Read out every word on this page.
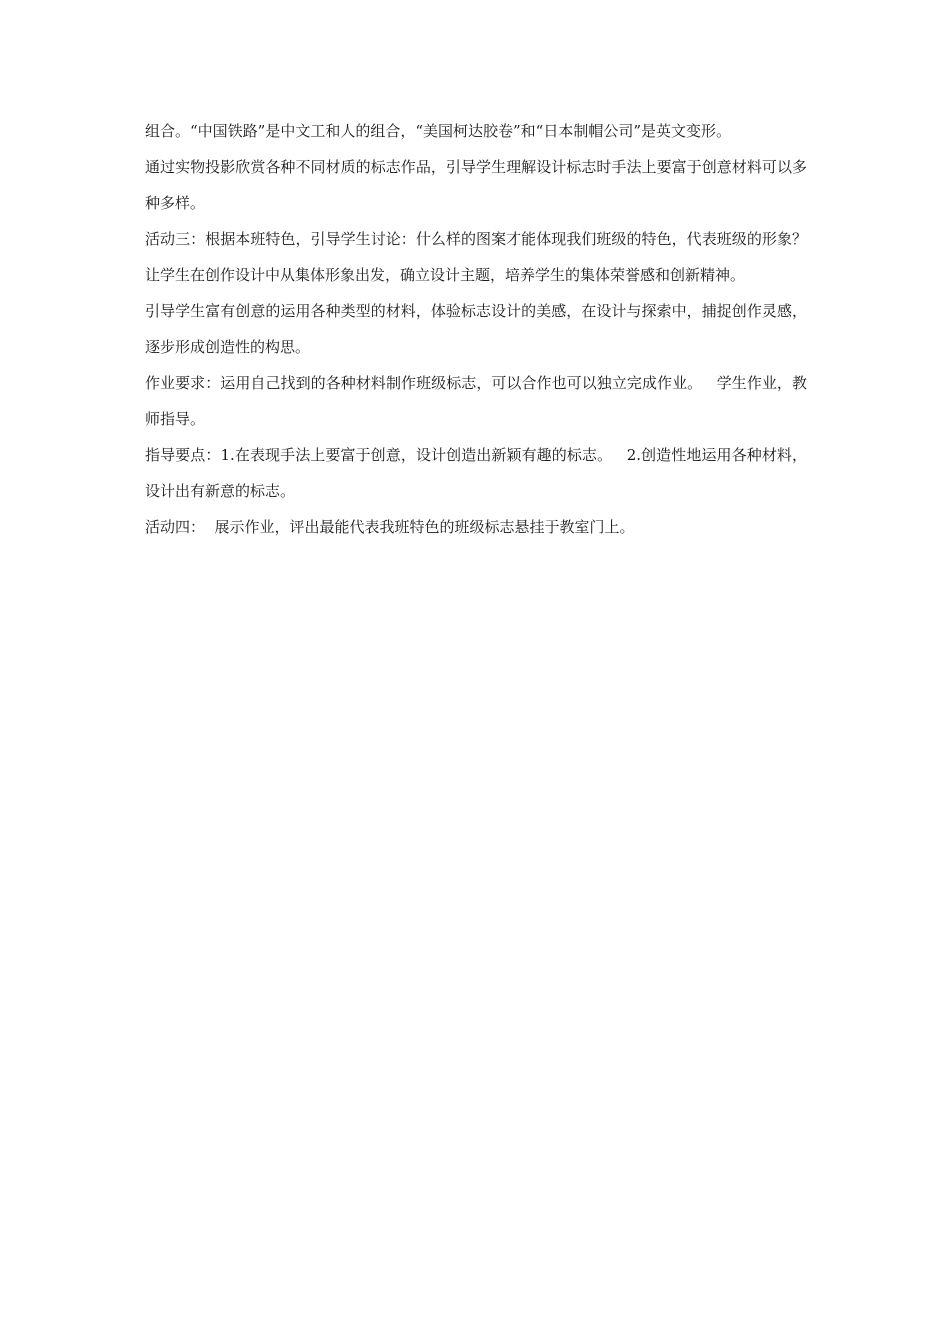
组合。“中国铁路”是中文工和人的组合，“美国柯达胶卷”和“日本制帽公司”是英文变形。

通过实物投影欣赏各种不同材质的标志作品，引导学生理解设计标志时手法上要富于创意材料可以多种多样。

活动三：根据本班特色，引导学生讨论：什么样的图案才能体现我们班级的特色，代表班级的形象？让学生在创作设计中从集体形象出发，确立设计主题，培养学生的集体荣誉感和创新精神。

引导学生富有创意的运用各种类型的材料，体验标志设计的美感，在设计与探索中，捕捉创作灵感，逐步形成创造性的构思。

作业要求：运用自己找到的各种材料制作班级标志，可以合作也可以独立完成作业。   学生作业，教师指导。

指导要点：1.在表现手法上要富于创意，设计创造出新颖有趣的标志。   2.创造性地运用各种材料，设计出有新意的标志。

活动四：  展示作业，评出最能代表我班特色的班级标志悬挂于教室门上。
